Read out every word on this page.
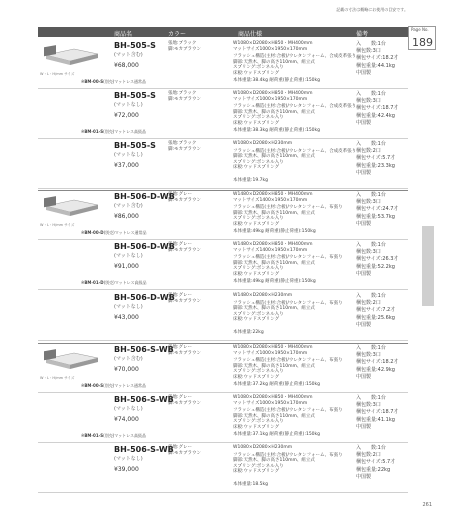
記載の寸法は概略にお使用の目安です。
商品名	カラー	商品仕様	備考
Page No.
189
W・L・H/mm サイズ
BH-505-S
(マット含む)
¥68,000
※BM-00-S(別売)マットレス通常品
張地:ブラック
脚:モカブラウン
W1080×D2080×H850・MH400mm
マットサイズ1000×1950×170mm
フラッシュ構造(主材:合板)/ウレタンフォーム、合成皮革張り
脚部:天然木、脚の高さ110mm、組立式
スプリング:ボンネル入り
床板:ウッドスプリング
本体重量:38.4kg 耐荷重(静止荷重):150kg
入　　数:1台
梱包数:3口
梱包サイズ:18.2才
梱包重量:44.1kg
中国製
BH-505-S
(マットなし)
¥72,000
※BM-01-S(別売)マットレス高級品
張地:ブラック
脚:モカブラウン
W1080×D2080×H850・MH400mm
マットサイズ1000×1950×170mm
フラッシュ構造(主材:合板)/ウレタンフォーム、合成皮革張り
脚部:天然木、脚の高さ110mm、組立式
スプリング:ボンネル入り
床板:ウッドスプリング
本体重量:38.3kg 耐荷重(静止荷重):150kg
入　　数:1台
梱包数:3口
梱包サイズ:18.7才
梱包重量:42.4kg
中国製
BH-505-S
(マットなし)
¥37,000
張地:ブラック
脚:モカブラウン
W1080×D2080×H230mm
フラッシュ構造(主材:合板)/ウレタンフォーム、合成皮革張り
脚部:天然木、脚の高さ110mm、組立式
スプリング:ボンネル入り
床板:ウッドスプリング
本体重量:19.7kg
入　　数:1台
梱包数:2口
梱包サイズ:5.7才
梱包重量:23.3kg
中国製
W・L・H/mm サイズ
BH-506-D-WB
(マット含む)
¥86,000
※BM-00-D(別売)マットレス通常品
張地:グレー
脚:モカブラウン
W1480×D2080×H850・MH400mm
マットサイズ1400×1950×170mm
フラッシュ構造(主材:合板)/ウレタンフォーム、布張り
脚部:天然木、脚の高さ110mm、組立式
スプリング:ボンネル入り
床板:ウッドスプリング
本体重量:49kg 耐荷重(静止荷重):150kg
入　　数:1台
梱包数:3口
梱包サイズ:24.7才
梱包重量:53.7kg
中国製
BH-506-D-WB
(マットなし)
¥91,000
※BM-01-D(別売)マットレス高級品
張地:グレー
脚:モカブラウン
W1480×D2080×H850・MH400mm
マットサイズ1400×1950×170mm
フラッシュ構造(主材:合板)/ウレタンフォーム、布張り
脚部:天然木、脚の高さ110mm、組立式
スプリング:ボンネル入り
床板:ウッドスプリング
本体重量:49kg 耐荷重(静止荷重):150kg
入　　数:1台
梱包数:3口
梱包サイズ:26.3才
梱包重量:52.2kg
中国製
BH-506-D-WB
(マットなし)
¥43,000
張地:グレー
脚:モカブラウン
W1480×D2080×H230mm
フラッシュ構造(主材:合板)/ウレタンフォーム、布張り
脚部:天然木、脚の高さ110mm、組立式
スプリング:ボンネル入り
床板:ウッドスプリング
本体重量:22kg
入　　数:1台
梱包数:2口
梱包サイズ:7.2才
梱包重量:25.6kg
中国製
W・L・H/mm サイズ
BH-506-S-WB
(マット含む)
¥70,000
※BM-00-S(別売)マットレス通常品
張地:グレー
脚:モカブラウン
W1080×D2080×H850・MH400mm
マットサイズ1000×1950×170mm
フラッシュ構造(主材:合板)/ウレタンフォーム、布張り
脚部:天然木、脚の高さ110mm、組立式
スプリング:ボンネル入り
床板:ウッドスプリング
本体重量:37.2kg 耐荷重(静止荷重):150kg
入　　数:1台
梱包数:3口
梱包サイズ:18.2才
梱包重量:42.9kg
中国製
BH-506-S-WB
(マットなし)
¥74,000
※BM-01-S(別売)マットレス高級品
張地:グレー
脚:モカブラウン
W1080×D2080×H850・MH400mm
マットサイズ1000×1950×170mm
フラッシュ構造(主材:合板)/ウレタンフォーム、布張り
脚部:天然木、脚の高さ110mm、組立式
スプリング:ボンネル入り
床板:ウッドスプリング
本体重量:37.1kg 耐荷重(静止荷重):150kg
入　　数:1台
梱包数:3口
梱包サイズ:18.7才
梱包重量:41.1kg
中国製
BH-506-S-WB
(マットなし)
¥39,000
張地:グレー
脚:モカブラウン
W1080×D2080×H230mm
フラッシュ構造(主材:合板)/ウレタンフォーム、布張り
脚部:天然木、脚の高さ110mm、組立式
スプリング:ボンネル入り
床板:ウッドスプリング
本体重量:18.5kg
入　　数:1台
梱包数:2口
梱包サイズ:5.7才
梱包重量:22kg
中国製
261
